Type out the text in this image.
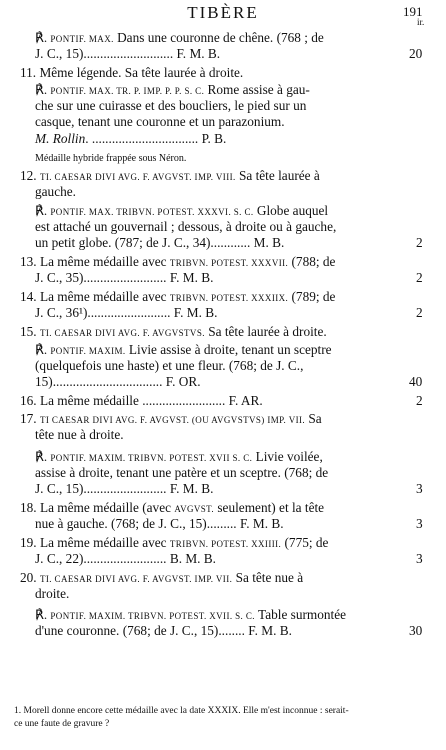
TIBÈRE	191
ir.
℟. PONTIF. MAX. Dans une couronne de chêne. (768 ; de
J. C., 15)........................... F. M. B.	20
11. Même légende. Sa tête laurée à droite.
℟. PONTIF. MAX. TR. P. IMP. P. P. S. C. Rome assise à gau-
che sur une cuirasse et des boucliers, le pied sur un
casque, tenant une couronne et un parazonium.
M. Rollin. ................................ P. B.
Médaille hybride frappée sous Néron.
12. TI. CAESAR DIVI AVG. F. AVGVST. IMP. VIII. Sa tête laurée à
gauche.
℟. PONTIF. MAX. TRIBVN. POTEST. XXXVI. S. C. Globe auquel
est attaché un gouvernail ; dessous, à droite ou à gauche,
un petit globe. (787; de J. C., 34)............ M. B.	2
13. La même médaille avec TRIBVN. POTEST. XXXVII. (788; de
J. C., 35)......................... F. M. B.	2
14. La même médaille avec TRIBVN. POTEST. XXXIIX. (789; de
J. C., 36¹)......................... F. M. B.	2
15. TI. CAESAR DIVI AVG. F. AVGVSTVS. Sa tête laurée à droite.
℟. PONTIF. MAXIM. Livie assise à droite, tenant un sceptre
(quelquefois une haste) et une fleur. (768; de J. C.,
15)................................. F. OR.	40
16. La même médaille ......................... F. AR.	2
17. TI CAESAR DIVI AVG. F. AVGVST. (OU AVGVSTVS) IMP. VII. Sa
tête nue à droite.
℟. PONTIF. MAXIM. TRIBVN. POTEST. XVII S. C. Livie voilée,
assise à droite, tenant une patère et un sceptre. (768; de
J. C., 15)......................... F. M. B.	3
18. La même médaille (avec AVGVST. seulement) et la tête
nue à gauche. (768; de J. C., 15)......... F. M. B.	3
19. La même médaille avec TRIBVN. POTEST. XXIIII. (775; de
J. C., 22)......................... B. M. B.	3
20. TI. CAESAR DIVI AVG. F. AVGVST. IMP. VII. Sa tête nue à
droite.
℟. PONTIF. MAXIM. TRIBVN. POTEST. XVII. S. C. Table surmontée
d'une couronne. (768; de J. C., 15)........ F. M. B.	30
1. Morell donne encore cette médaille avec la date XXXIX. Elle m'est inconnue : serait-
ce une faute de gravure ?
